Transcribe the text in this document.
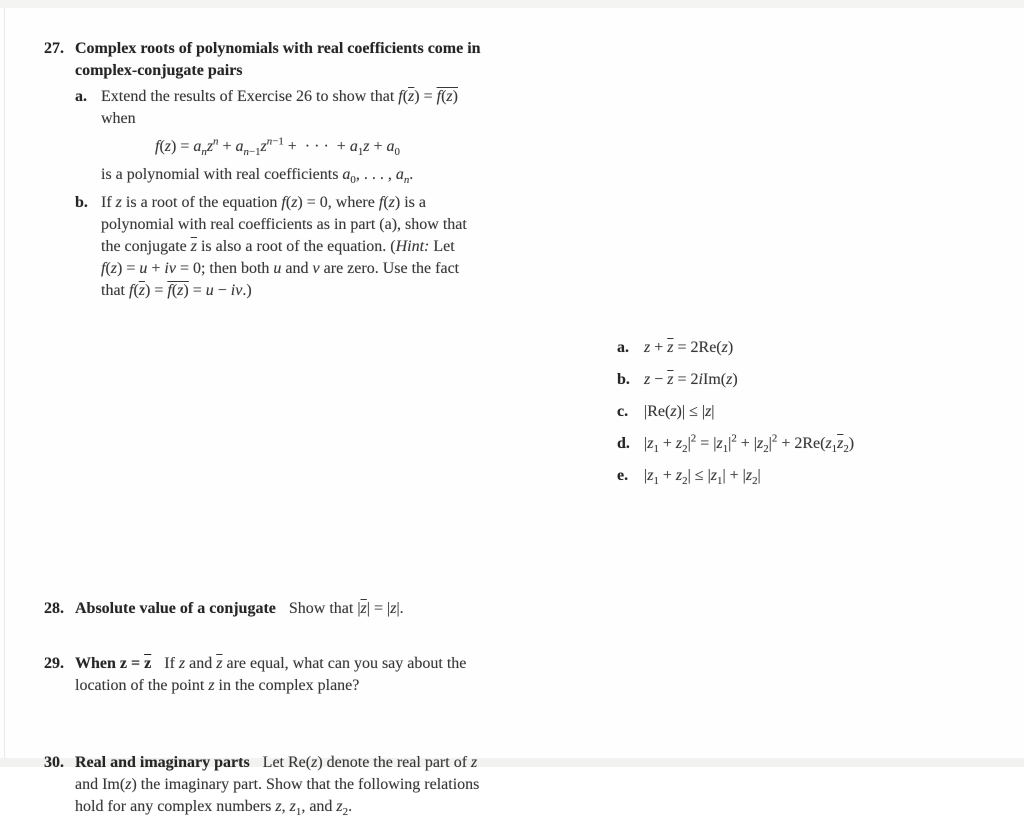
27. Complex roots of polynomials with real coefficients come in
complex-conjugate pairs
a. Extend the results of Exercise 26 to show that $f(\overline{z}) = f(z)$
when
$f(z) = a_nz^n + a_{n-1}z^{n-1}$ +  · · ·  + $a_1z + a_0$
is a polynomial with real coefficients $a_0$, . . . , $a_n$.
b. If z is a root of the equation f(z) = 0, where f(z) is a
polynomial with real coefficients as in part (a), show that
the conjugate $\overline{z}$ is also a root of the equation. (Hint: Let
f(z) = u + iv = 0; then both u and v are zero. Use the fact
that $f(\overline{z}) = f(z) = u - iv$.)
28. Absolute value of a conjugate Show that $|\overline{z}| = |z|$.
29. When $z = \overline{z}$ If z and $\overline{z}$ are equal, what can you say about the
location of the point z in the complex plane?
30. Real and imaginary parts Let Re(z) denote the real part of z
and Im(z) the imaginary part. Show that the following relations
hold for any complex numbers z, $z_1$, and $z_2$.
a. $z + \overline{z} = 2Re(z)$
b. $z - \overline{z} = 2iIm(z)$
c. |Re(z)| ≤ |z|
d. $|z_1 + z_2|^2 = |z_1|^2 + |z_2|^2 + 2Re(z_1\overline{z}_2)$
e. $|z_1 + z_2| \le |z_1| + |z_2|$
